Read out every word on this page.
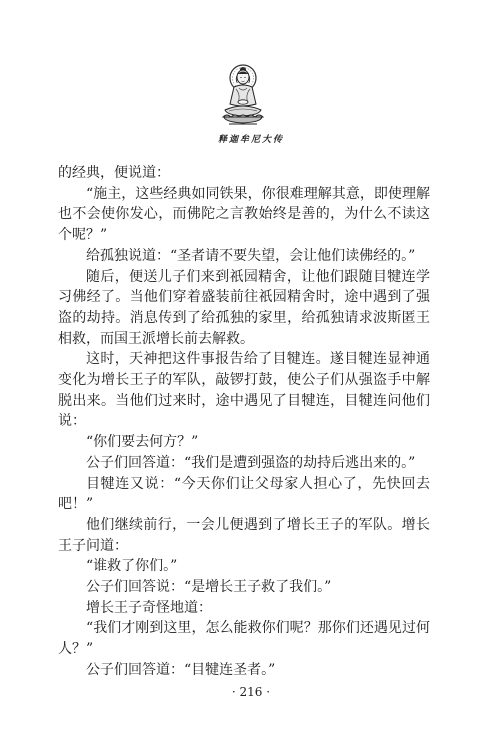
释迦牟尼大传

的经典，便说道：

“施主，这些经典如同铁果，你很难理解其意，即使理解也不会使你发心，而佛陀之言教始终是善的，为什么不读这个呢？”

给孤独说道：“圣者请不要失望，会让他们读佛经的。”

随后，便送儿子们来到祇园精舍，让他们跟随目犍连学习佛经了。当他们穿着盛装前往祇园精舍时，途中遇到了强盗的劫持。消息传到了给孤独的家里，给孤独请求波斯匿王相救，而国王派增长前去解救。

这时，天神把这件事报告给了目犍连。遂目犍连显神通变化为增长王子的军队，敲锣打鼓，使公子们从强盗手中解脱出来。当他们过来时，途中遇见了目犍连，目犍连问他们说：

“你们要去何方？”

公子们回答道：“我们是遭到强盗的劫持后逃出来的。”

目犍连又说：“今天你们让父母家人担心了，先快回去吧！”

他们继续前行，一会儿便遇到了增长王子的军队。增长王子问道：

“谁救了你们。”

公子们回答说：“是增长王子救了我们。”

增长王子奇怪地道：

“我们才刚到这里，怎么能救你们呢？那你们还遇见过何人？”

公子们回答道：“目犍连圣者。”

· 216 ·
